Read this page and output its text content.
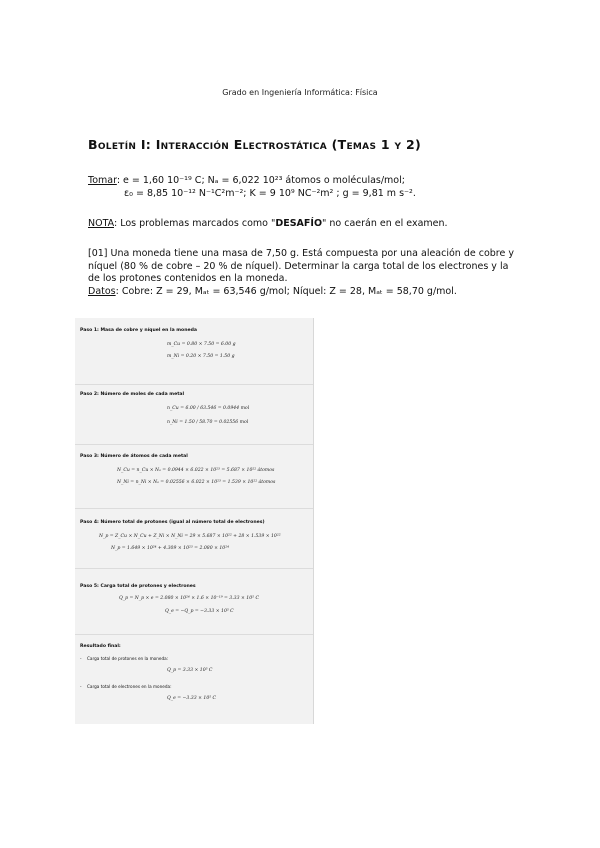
Grado en Ingeniería Informática: Física
Boletín I: Interacción Electrostática (Temas 1 y 2)
Tomar: e = 1,60 10⁻¹⁹ C; Nₐ = 6,022 10²³ átomos o moléculas/mol;
ε₀ = 8,85 10⁻¹² N⁻¹C²m⁻²; K = 9 10⁹ NC⁻²m² ; g = 9,81 m s⁻².
NOTA: Los problemas marcados como "DESAFÍO" no caerán en el examen.
[01] Una moneda tiene una masa de 7,50 g. Está compuesta por una aleación de cobre y níquel (80 % de cobre – 20 % de níquel). Determinar la carga total de los electrones y la de los protones contenidos en la moneda.
Datos: Cobre: Z = 29, Mₐₜ = 63,546 g/mol; Níquel: Z = 28, Mₐₜ = 58,70 g/mol.
Paso 1: Masa de cobre y níquel en la moneda
m_Cu = 0.80 × 7.50 = 6.00 g
m_Ni = 0.20 × 7.50 = 1.50 g
Paso 2: Número de moles de cada metal
n_Cu = 6.00 / 63.546 = 0.0944 mol
n_Ni = 1.50 / 58.70 = 0.02556 mol
Paso 3: Número de átomos de cada metal
N_Cu = n_Cu × Nₐ = 0.0944 × 6.022 × 10²³ = 5.687 × 10²² átomos
N_Ni = n_Ni × Nₐ = 0.02556 × 6.022 × 10²³ = 1.539 × 10²² átomos
Paso 4: Número total de protones (igual al número total de electrones)
N_p = Z_Cu × N_Cu + Z_Ni × N_Ni = 29 × 5.687 × 10²² + 28 × 1.539 × 10²²
N_p = 1.649 × 10²⁴ + 4.309 × 10²³ = 2.080 × 10²⁴
Paso 5: Carga total de protones y electrones
Q_p = N_p × e = 2.080 × 10²⁴ × 1.6 × 10⁻¹⁹ = 3.33 × 10⁵ C
Q_e = −Q_p = −3.33 × 10⁵ C
Resultado final:
- Carga total de protones en la moneda:
Q_p = 3.33 × 10⁵ C
- Carga total de electrones en la moneda:
Q_e = −3.33 × 10⁵ C
